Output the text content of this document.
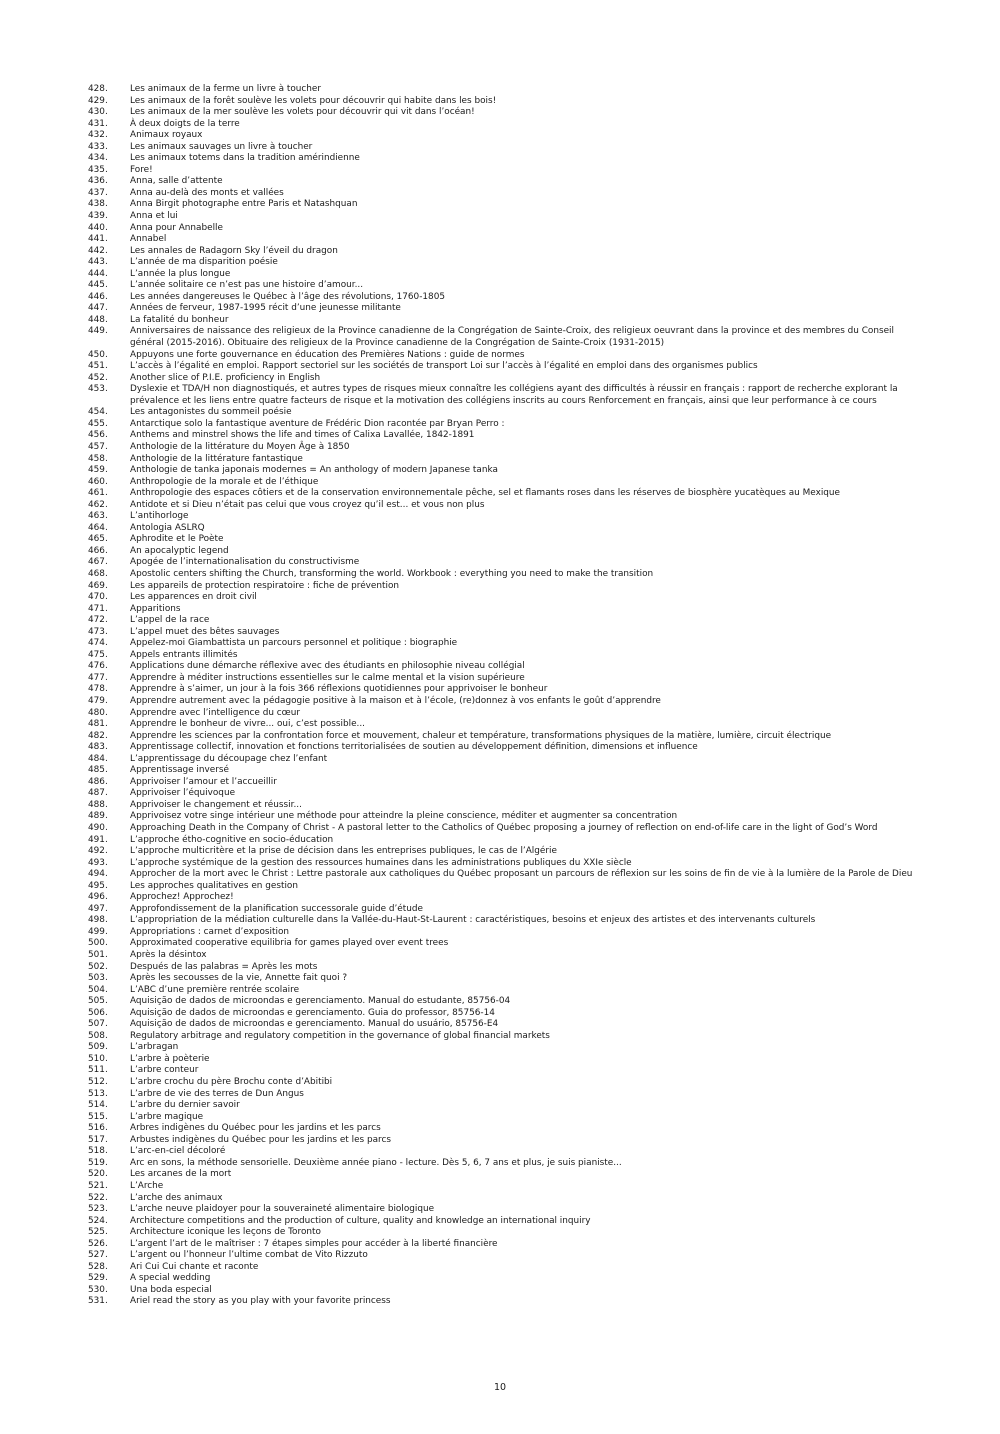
428.	Les animaux de la ferme un livre à toucher
429.	Les animaux de la forêt soulève les volets pour découvrir qui habite dans les bois!
430.	Les animaux de la mer soulève les volets pour découvrir qui vit dans l’océan!
431.	À deux doigts de la terre
432.	Animaux royaux
433.	Les animaux sauvages un livre à toucher
434.	Les animaux totems dans la tradition amérindienne
435.	Fore!
436.	Anna, salle d’attente
437.	Anna au-delà des monts et vallées
438.	Anna Birgit photographe entre Paris et Natashquan
439.	Anna et lui
440.	Anna pour Annabelle
441.	Annabel
442.	Les annales de Radagorn Sky l’éveil du dragon
443.	L’année de ma disparition poésie
444.	L’année la plus longue
445.	L’année solitaire ce n’est pas une histoire d’amour...
446.	Les années dangereuses le Québec à l’âge des révolutions, 1760-1805
447.	Années de ferveur, 1987-1995 récit d’une jeunesse militante
448.	La fatalité du bonheur
449.	Anniversaires de naissance des religieux de la Province canadienne de la Congrégation de Sainte-Croix, des religieux oeuvrant dans la province et des membres du Conseil général (2015-2016). Obituaire des religieux de la Province canadienne de la Congrégation de Sainte-Croix (1931-2015)
450.	Appuyons une forte gouvernance en éducation des Premières Nations : guide de normes
451.	L’accès à l’égalité en emploi. Rapport sectoriel sur les sociétés de transport Loi sur l’accès à l’égalité en emploi dans des organismes publics
452.	Another slice of P.I.E. proficiency in English
453.	Dyslexie et TDA/H non diagnostiqués, et autres types de risques mieux connaître les collégiens ayant des difficultés à réussir en français : rapport de recherche explorant la prévalence et les liens entre quatre facteurs de risque et la motivation des collégiens inscrits au cours Renforcement en français, ainsi que leur performance à ce cours
454.	Les antagonistes du sommeil poésie
455.	Antarctique solo la fantastique aventure de Frédéric Dion racontée par Bryan Perro :
456.	Anthems and minstrel shows the life and times of Calixa Lavallée, 1842-1891
457.	Anthologie de la littérature du Moyen Âge à 1850
458.	Anthologie de la littérature fantastique
459.	Anthologie de tanka japonais modernes = An anthology of modern Japanese tanka
460.	Anthropologie de la morale et de l’éthique
461.	Anthropologie des espaces côtiers et de la conservation environnementale pêche, sel et flamants roses dans les réserves de biosphère yucatèques au Mexique
462.	Antidote et si Dieu n’était pas celui que vous croyez qu’il est... et vous non plus
463.	L’antihorloge
464.	Antologia ASLRQ
465.	Aphrodite et le Poète
466.	An apocalyptic legend
467.	Apogée de l’internationalisation du constructivisme
468.	Apostolic centers shifting the Church, transforming the world. Workbook : everything you need to make the transition
469.	Les appareils de protection respiratoire : fiche de prévention
470.	Les apparences en droit civil
471.	Apparitions
472.	L’appel de la race
473.	L’appel muet des bêtes sauvages
474.	Appelez-moi Giambattista un parcours personnel et politique : biographie
475.	Appels entrants illimités
476.	Applications dune démarche réflexive avec des étudiants en philosophie niveau collégial
477.	Apprendre à méditer instructions essentielles sur le calme mental et la vision supérieure
478.	Apprendre à s’aimer, un jour à la fois 366 réflexions quotidiennes pour apprivoiser le bonheur
479.	Apprendre autrement avec la pédagogie positive à la maison et à l’école, (re)donnez à vos enfants le goût d’apprendre
480.	Apprendre avec l’intelligence du cœur
481.	Apprendre le bonheur de vivre... oui, c’est possible...
482.	Apprendre les sciences par la confrontation force et mouvement, chaleur et température, transformations physiques de la matière, lumière, circuit électrique
483.	Apprentissage collectif, innovation et fonctions territorialisées de soutien au développement définition, dimensions et influence
484.	L’apprentissage du découpage chez l’enfant
485.	Apprentissage inversé
486.	Apprivoiser l’amour et l’accueillir
487.	Apprivoiser l’équivoque
488.	Apprivoiser le changement et réussir...
489.	Apprivoisez votre singe intérieur une méthode pour atteindre la pleine conscience, méditer et augmenter sa concentration
490.	Approaching Death in the Company of Christ - A pastoral letter to the Catholics of Québec proposing a journey of reflection on end-of-life care in the light of God’s Word
491.	L’approche étho-cognitive en socio-éducation
492.	L’approche multicritère et la prise de décision dans les entreprises publiques, le cas de l’Algérie
493.	L’approche systémique de la gestion des ressources humaines dans les administrations publiques du XXIe siècle
494.	Approcher de la mort avec le Christ : Lettre pastorale aux catholiques du Québec proposant un parcours de réflexion sur les soins de fin de vie à la lumière de la Parole de Dieu
495.	Les approches qualitatives en gestion
496.	Approchez! Approchez!
497.	Approfondissement de la planification successorale guide d’étude
498.	L’appropriation de la médiation culturelle dans la Vallée-du-Haut-St-Laurent : caractéristiques, besoins et enjeux des artistes et des intervenants culturels
499.	Appropriations : carnet d’exposition
500.	Approximated cooperative equilibria for games played over event trees
501.	Après la désintox
502.	Después de las palabras = Après les mots
503.	Après les secousses de la vie, Annette fait quoi ?
504.	L’ABC d’une première rentrée scolaire
505.	Aquisição de dados de microondas e gerenciamento. Manual do estudante, 85756-04
506.	Aquisição de dados de microondas e gerenciamento. Guia do professor, 85756-14
507.	Aquisição de dados de microondas e gerenciamento. Manual do usuário, 85756-E4
508.	Regulatory arbitrage and regulatory competition in the governance of global financial markets
509.	L’arbragan
510.	L’arbre à poèterie
511.	L’arbre conteur
512.	L’arbre crochu du père Brochu conte d’Abitibi
513.	L’arbre de vie des terres de Dun Angus
514.	L’arbre du dernier savoir
515.	L’arbre magique
516.	Arbres indigènes du Québec pour les jardins et les parcs
517.	Arbustes indigènes du Québec pour les jardins et les parcs
518.	L’arc-en-ciel décoloré
519.	Arc en sons, la méthode sensorielle. Deuxième année piano - lecture. Dès 5, 6, 7 ans et plus, je suis pianiste...
520.	Les arcanes de la mort
521.	L’Arche
522.	L’arche des animaux
523.	L’arche neuve plaidoyer pour la souveraineté alimentaire biologique
524.	Architecture competitions and the production of culture, quality and knowledge an international inquiry
525.	Architecture iconique les leçons de Toronto
526.	L’argent l’art de le maîtriser : 7 étapes simples pour accéder à la liberté financière
527.	L’argent ou l’honneur l’ultime combat de Vito Rizzuto
528.	Ari Cui Cui chante et raconte
529.	A special wedding
530.	Una boda especial
531.	Ariel read the story as you play with your favorite princess
10
